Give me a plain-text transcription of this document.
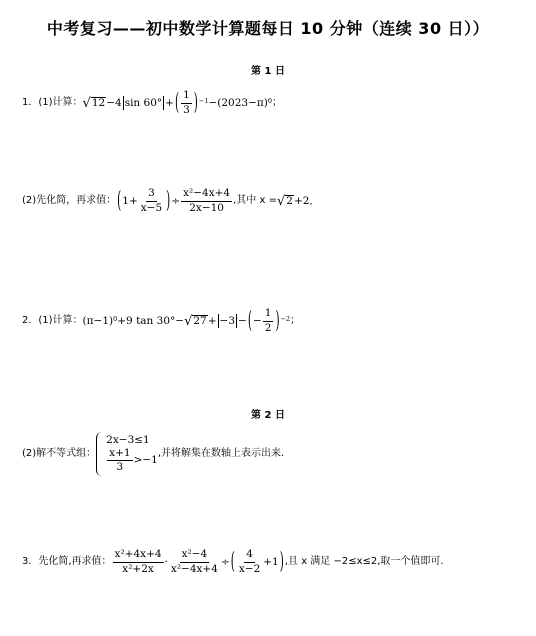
中考复习——初中数学计算题每日 10 分钟（连续 30 日））
第 1 日
1．(1)计算： √ 12 −4 sin 60° + ( $\frac{1}{3} )^{-1} -(2023-\pi)^0$ ；
(2)先化简，再求值： ( $1+ \frac{3}{x-5}$ ) ÷ $\frac{\text{x²−4x+4}}{2x-10}$ ,其中 x = √ 2 +2．
2．(1)计算： $(\pi-1)^0 +9$ tan 30°− √ 27 + −3 − ( − $\frac{1}{2} )^{-2}$ ；
第 2 日
(2)解不等式组：
2x−3≤1
$\frac{x+1}{3} >-1$
,并将解集在数轴上表示出来.
3．先化简,再求值： $\frac{\text{x²+4x+4}}{\text{x²+2x}} \cdot \frac{\text{x²−4}}{\text{x²−4x+4}}$ ÷ ( $\frac{4}{x-2} +1$ ) ,且 x 满足 −2≤x≤2,取一个值即可.
